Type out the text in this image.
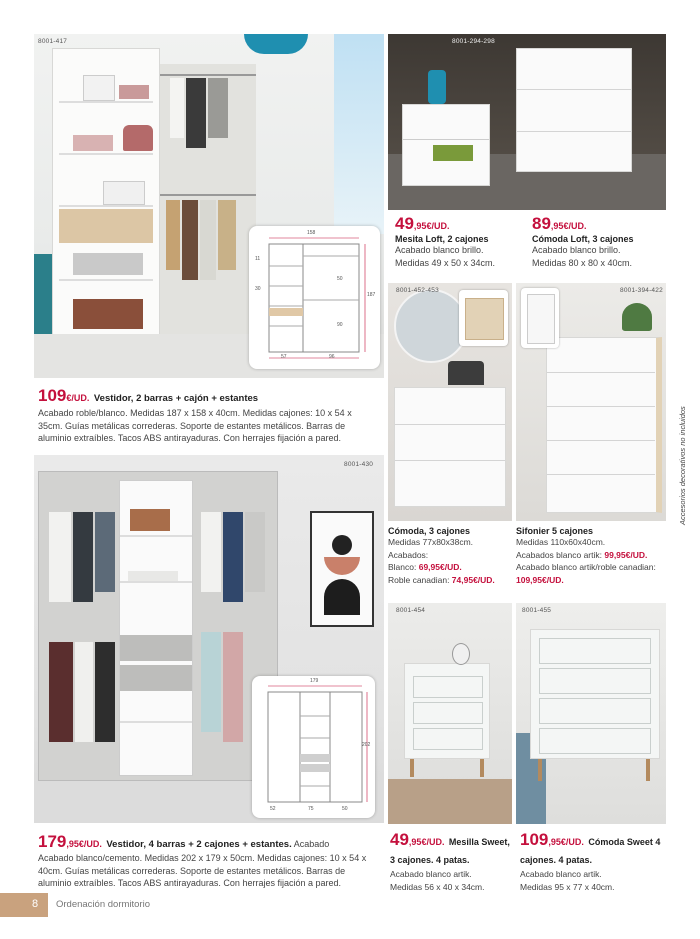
8001-417
158
187
50
90
57	96
30
11
109€/UD. Vestidor, 2 barras + cajón + estantes
Acabado roble/blanco. Medidas 187 x 158 x 40cm. Medidas cajones: 10 x 54 x 35cm. Guías metálicas correderas. Soporte de estantes metálicos. Barras de aluminio extraíbles. Tacos ABS antirayaduras. Con herrajes fijación a pared.
8001-294-298
49,95€/UD.
Mesita Loft, 2 cajones
Acabado blanco brillo.
Medidas 49 x 50 x 34cm.
89,95€/UD.
Cómoda Loft, 3 cajones
Acabado blanco brillo.
Medidas 80 x 80 x 40cm.
8001-452-453
Cómoda, 3 cajones
Medidas 77x80x38cm.
Acabados:
Blanco: 69,95€/UD.
Roble canadian: 74,95€/UD.
8001-394-422
Accesorios decorativos no incluidos
Sifonier 5 cajones
Medidas 110x60x40cm.
Acabados blanco artik: 99,95€/UD.
Acabado blanco artik/roble canadian:
109,95€/UD.
8001-430
179
202
52	75	50
179,95€/UD. Vestidor, 4 barras + 2 cajones + estantes. Acabado
Acabado blanco/cemento. Medidas 202 x 179 x 50cm. Medidas cajones: 10 x 54 x 40cm. Guías metálicas correderas. Soporte de estantes metálicos. Barras de aluminio extraíbles. Tacos ABS antirayaduras. Con herrajes fijación a pared.
8001-454
49,95€/UD. Mesilla Sweet, 3 cajones. 4 patas.
Acabado blanco artik.
Medidas 56 x 40 x 34cm.
8001-455
109,95€/UD. Cómoda Sweet 4 cajones. 4 patas.
Acabado blanco artik.
Medidas 95 x 77 x 40cm.
8 Ordenación dormitorio
